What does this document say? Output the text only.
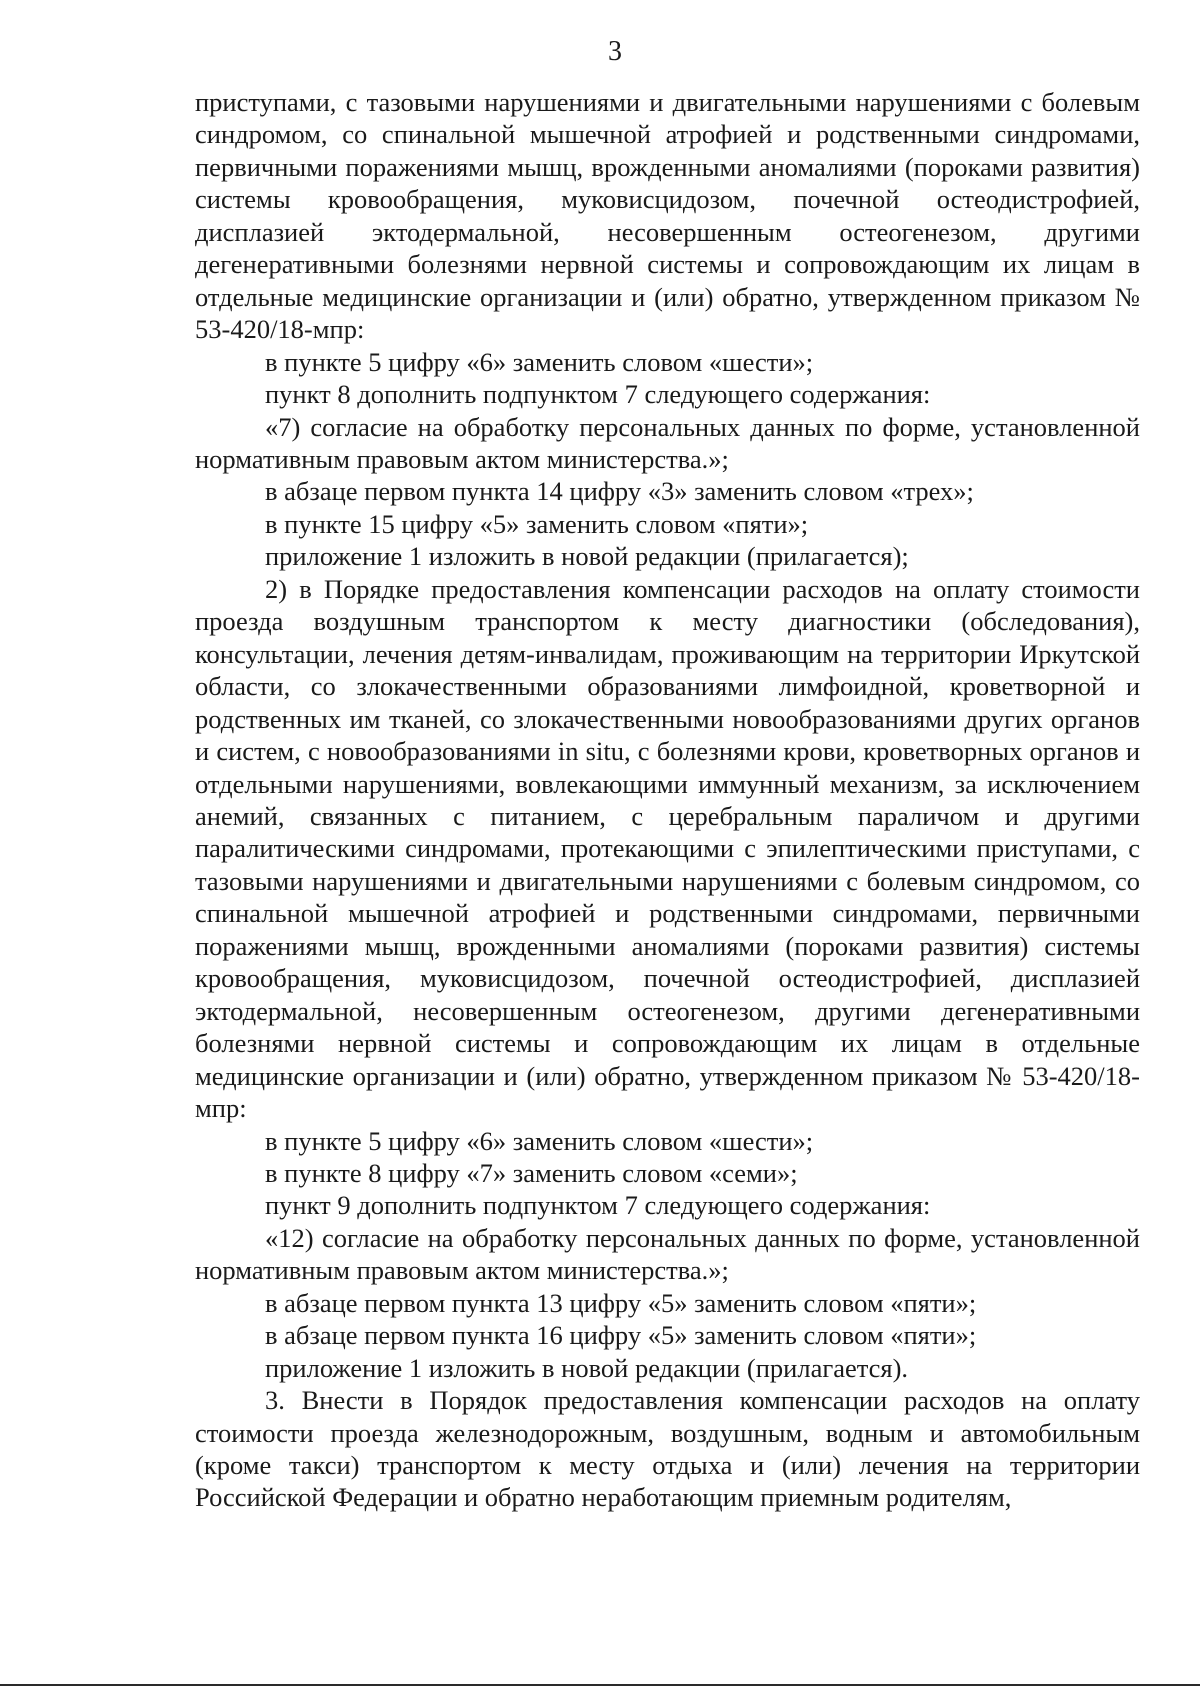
3

приступами, с тазовыми нарушениями и двигательными нарушениями с болевым синдромом, со спинальной мышечной атрофией и родственными синдромами, первичными поражениями мышц, врожденными аномалиями (пороками развития) системы кровообращения, муковисцидозом, почечной остеодистрофией, дисплазией эктодермальной, несовершенным остеогенезом, другими дегенеративными болезнями нервной системы и сопровождающим их лицам в отдельные медицинские организации и (или) обратно, утвержденном приказом № 53-420/18-мпр:

в пункте 5 цифру «6» заменить словом «шести»;

пункт 8 дополнить подпунктом 7 следующего содержания:

«7) согласие на обработку персональных данных по форме, установленной нормативным правовым актом министерства.»;

в абзаце первом пункта 14 цифру «3» заменить словом «трех»;

в пункте 15 цифру «5» заменить словом «пяти»;

приложение 1 изложить в новой редакции (прилагается);

2) в Порядке предоставления компенсации расходов на оплату стоимости проезда воздушным транспортом к месту диагностики (обследования), консультации, лечения детям-инвалидам, проживающим на территории Иркутской области, со злокачественными образованиями лимфоидной, кроветворной и родственных им тканей, со злокачественными новообразованиями других органов и систем, с новообразованиями in situ, с болезнями крови, кроветворных органов и отдельными нарушениями, вовлекающими иммунный механизм, за исключением анемий, связанных с питанием, с церебральным параличом и другими паралитическими синдромами, протекающими с эпилептическими приступами, с тазовыми нарушениями и двигательными нарушениями с болевым синдромом, со спинальной мышечной атрофией и родственными синдромами, первичными поражениями мышц, врожденными аномалиями (пороками развития) системы кровообращения, муковисцидозом, почечной остеодистрофией, дисплазией эктодермальной, несовершенным остеогенезом, другими дегенеративными болезнями нервной системы и сопровождающим их лицам в отдельные медицинские организации и (или) обратно, утвержденном приказом № 53-420/18-мпр:

в пункте 5 цифру «6» заменить словом «шести»;

в пункте 8 цифру «7» заменить словом «семи»;

пункт 9 дополнить подпунктом 7 следующего содержания:

«12) согласие на обработку персональных данных по форме, установленной нормативным правовым актом министерства.»;

в абзаце первом пункта 13 цифру «5» заменить словом «пяти»;

в абзаце первом пункта 16 цифру «5» заменить словом «пяти»;

приложение 1 изложить в новой редакции (прилагается).

3. Внести в Порядок предоставления компенсации расходов на оплату стоимости проезда железнодорожным, воздушным, водным и автомобильным (кроме такси) транспортом к месту отдыха и (или) лечения на территории Российской Федерации и обратно неработающим приемным родителям,
